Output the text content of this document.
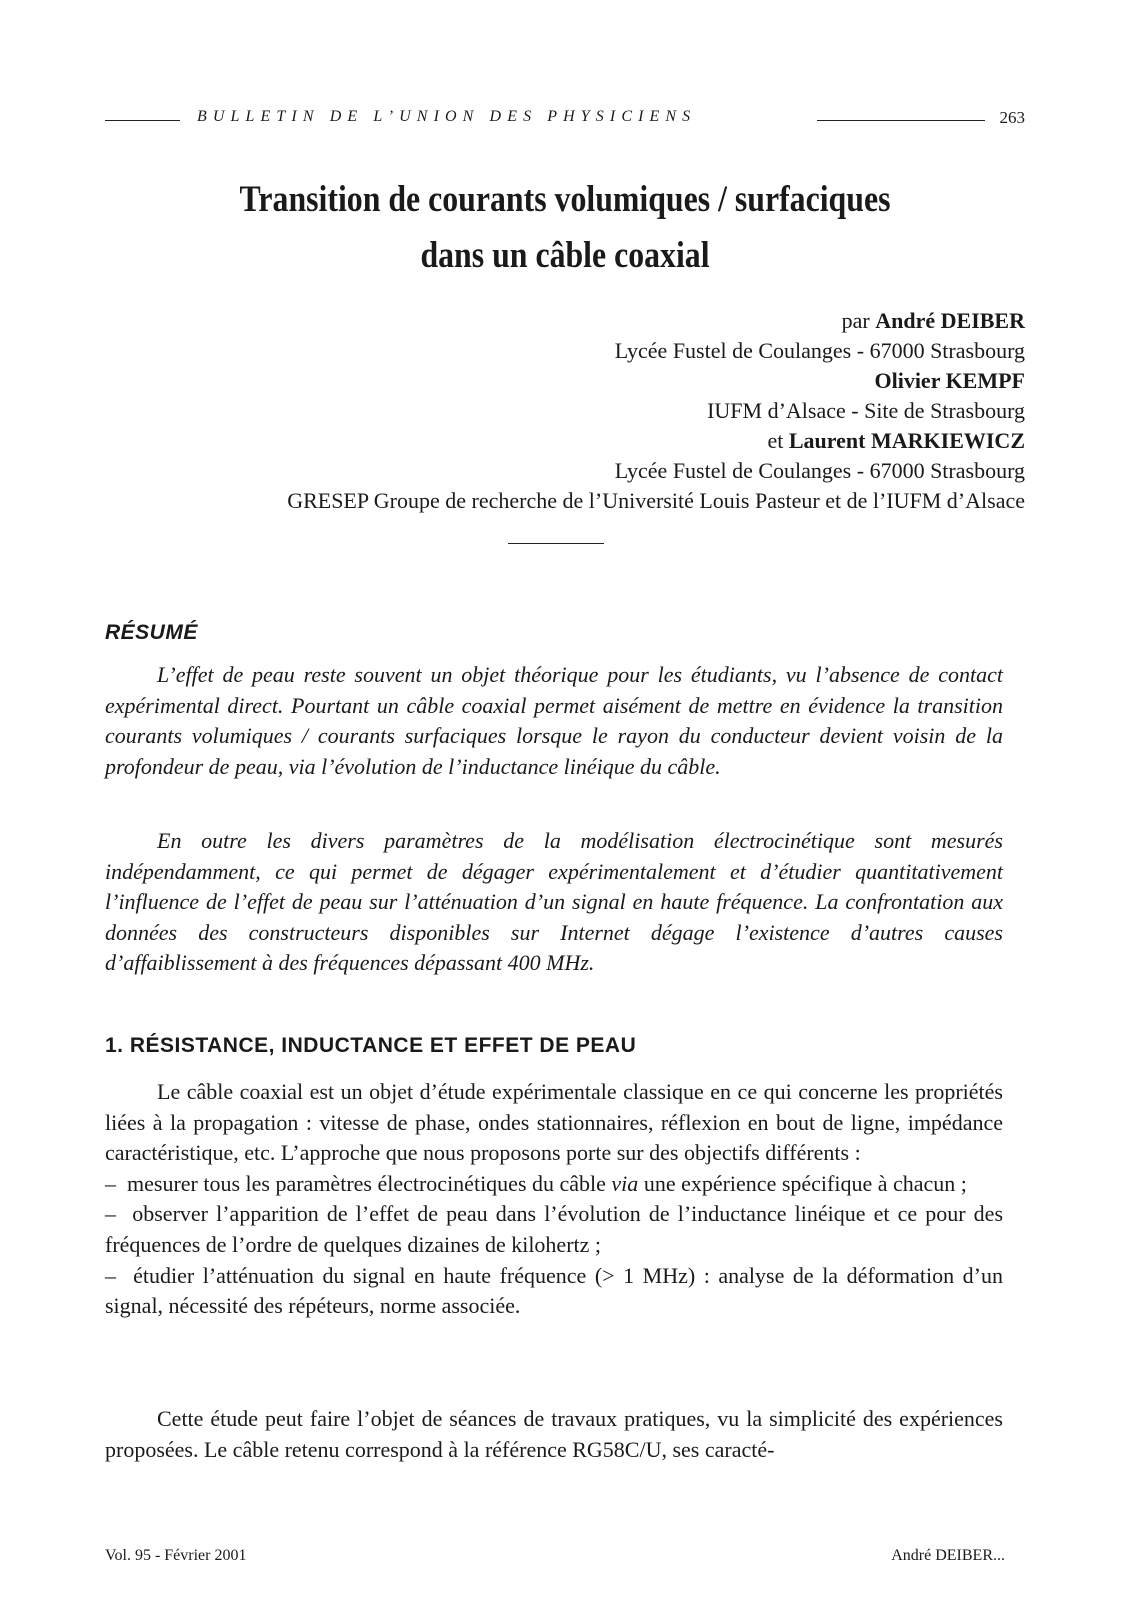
BULLETIN DE L’UNION DES PHYSICIENS	263
Transition de courants volumiques / surfaciques
dans un câble coaxial
par André DEIBER
Lycée Fustel de Coulanges - 67000 Strasbourg
Olivier KEMPF
IUFM d’Alsace - Site de Strasbourg
et Laurent MARKIEWICZ
Lycée Fustel de Coulanges - 67000 Strasbourg
GRESEP Groupe de recherche de l’Université Louis Pasteur et de l’IUFM d’Alsace
RÉSUMÉ

L’effet de peau reste souvent un objet théorique pour les étudiants, vu l’absence de contact expérimental direct. Pourtant un câble coaxial permet aisément de mettre en évidence la transition courants volumiques / courants surfaciques lorsque le rayon du conducteur devient voisin de la profondeur de peau, via l’évolution de l’inductance linéique du câble.

En outre les divers paramètres de la modélisation électrocinétique sont mesurés indépendamment, ce qui permet de dégager expérimentalement et d’étudier quantitativement l’influence de l’effet de peau sur l’atténuation d’un signal en haute fréquence. La confrontation aux données des constructeurs disponibles sur Internet dégage l’existence d’autres causes d’affaiblissement à des fréquences dépassant 400 MHz.

1. RÉSISTANCE, INDUCTANCE ET EFFET DE PEAU
Le câble coaxial est un objet d’étude expérimentale classique en ce qui concerne les propriétés liées à la propagation : vitesse de phase, ondes stationnaires, réflexion en bout de ligne, impédance caractéristique, etc. L’approche que nous proposons porte sur des objectifs différents :
– mesurer tous les paramètres électrocinétiques du câble via une expérience spécifique à chacun ;
– observer l’apparition de l’effet de peau dans l’évolution de l’inductance linéique et ce pour des fréquences de l’ordre de quelques dizaines de kilohertz ;
– étudier l’atténuation du signal en haute fréquence (> 1 MHz) : analyse de la déformation d’un signal, nécessité des répéteurs, norme associée.

Cette étude peut faire l’objet de séances de travaux pratiques, vu la simplicité des expériences proposées. Le câble retenu correspond à la référence RG58C/U, ses caracté-

Vol. 95 - Février 2001	André DEIBER...
